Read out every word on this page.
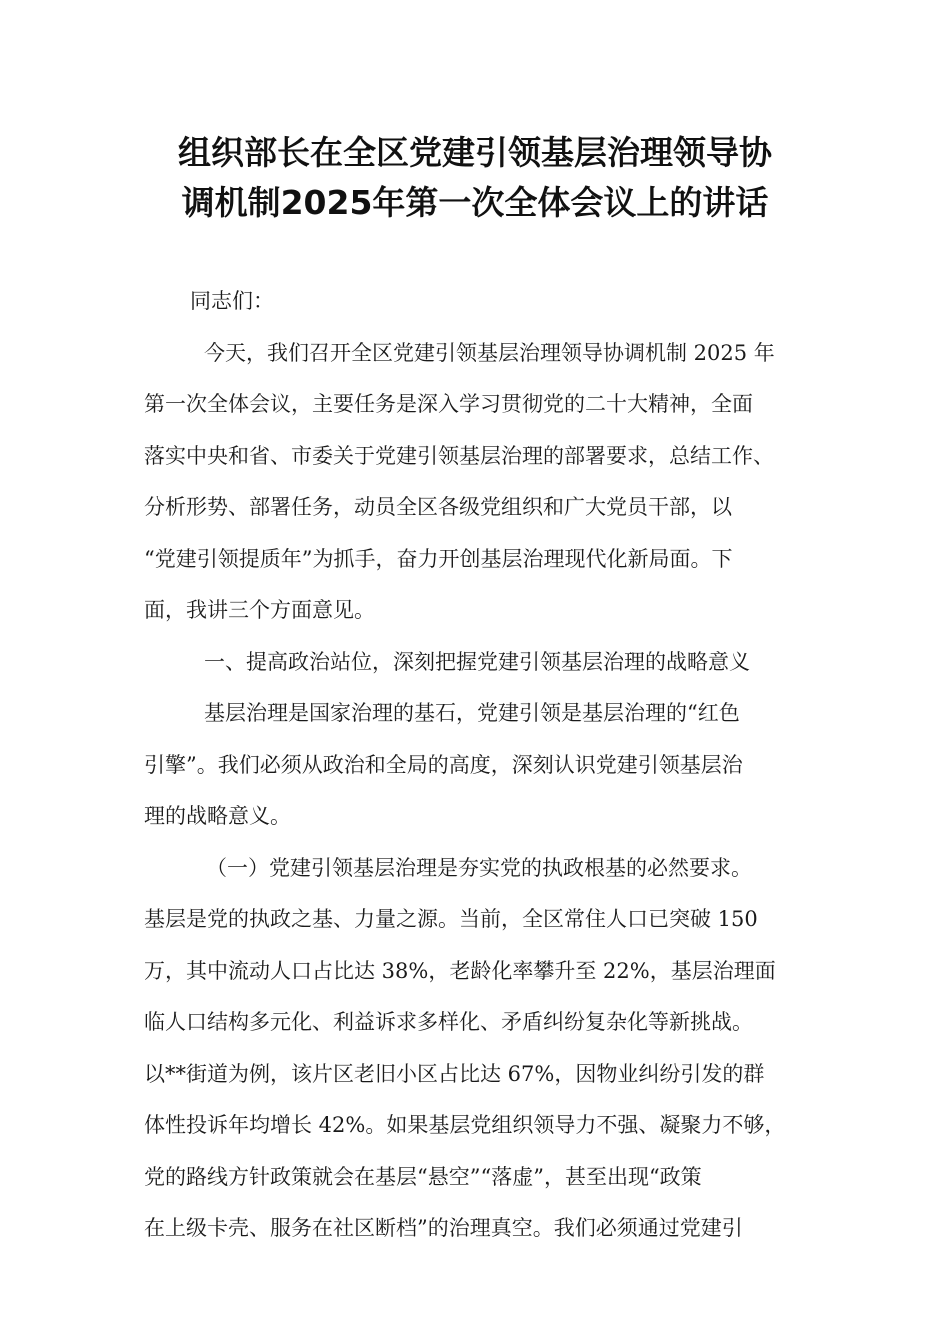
组织部长在全区党建引领基层治理领导协
调机制2025年第一次全体会议上的讲话
同志们：
今天，我们召开全区党建引领基层治理领导协调机制 2025 年
第一次全体会议，主要任务是深入学习贯彻党的二十大精神，全面
落实中央和省、市委关于党建引领基层治理的部署要求，总结工作、
分析形势、部署任务，动员全区各级党组织和广大党员干部，以
“党建引领提质年”为抓手，奋力开创基层治理现代化新局面。下
面，我讲三个方面意见。
一、提高政治站位，深刻把握党建引领基层治理的战略意义
基层治理是国家治理的基石，党建引领是基层治理的“红色
引擎”。我们必须从政治和全局的高度，深刻认识党建引领基层治
理的战略意义。
（一）党建引领基层治理是夯实党的执政根基的必然要求。
基层是党的执政之基、力量之源。当前，全区常住人口已突破 150
万，其中流动人口占比达 38%，老龄化率攀升至 22%，基层治理面
临人口结构多元化、利益诉求多样化、矛盾纠纷复杂化等新挑战。
以**街道为例，该片区老旧小区占比达 67%，因物业纠纷引发的群
体性投诉年均增长 42%。如果基层党组织领导力不强、凝聚力不够，
党的路线方针政策就会在基层“悬空”“落虚”，甚至出现“政策
在上级卡壳、服务在社区断档”的治理真空。我们必须通过党建引
